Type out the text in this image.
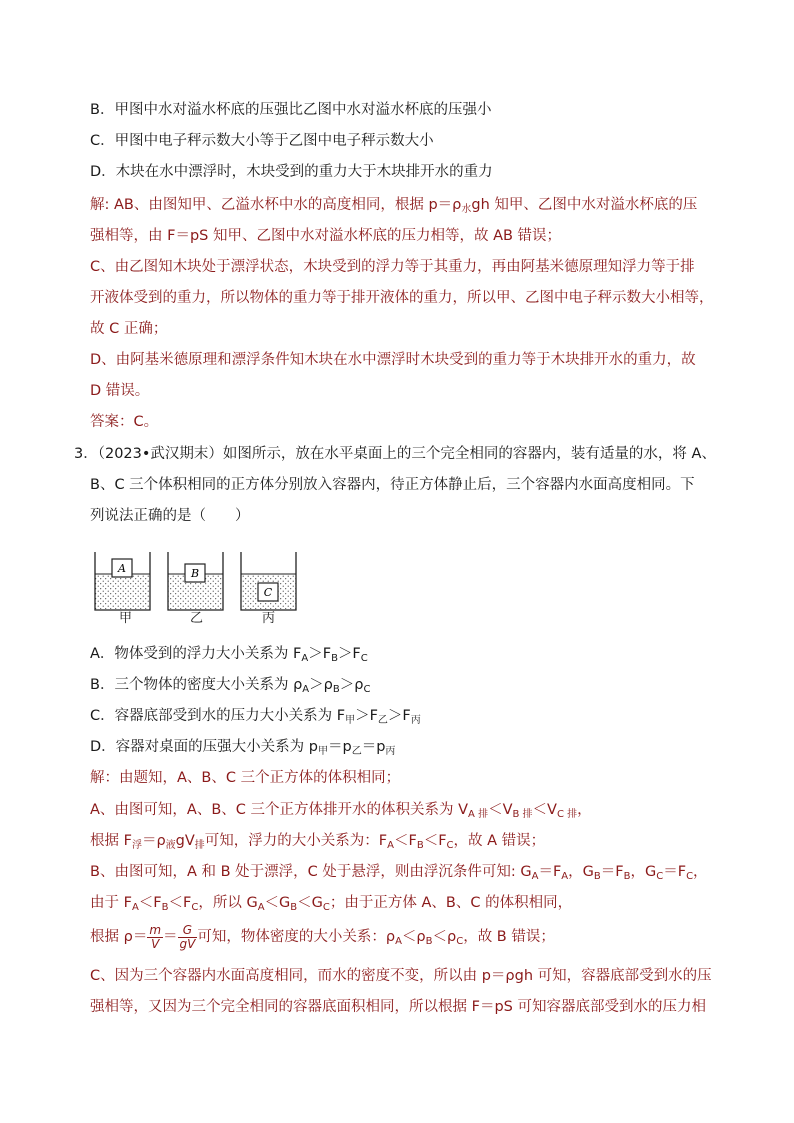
B．甲图中水对溢水杯底的压强比乙图中水对溢水杯底的压强小
C．甲图中电子秤示数大小等于乙图中电子秤示数大小
D．木块在水中漂浮时，木块受到的重力大于木块排开水的重力
解: AB、由图知甲、乙溢水杯中水的高度相同，根据 $p=\rho_水gh$ 知甲、乙图中水对溢水杯底的压
强相等，由 F＝pS 知甲、乙图中水对溢水杯底的压力相等，故 AB 错误；
C、由乙图知木块处于漂浮状态，木块受到的浮力等于其重力，再由阿基米德原理知浮力等于排
开液体受到的重力，所以物体的重力等于排开液体的重力，所以甲、乙图中电子秤示数大小相等，
故 C 正确；
D、由阿基米德原理和漂浮条件知木块在水中漂浮时木块受到的重力等于木块排开水的重力，故
D 错误。
答案：C。
3．（2023•武汉期末）如图所示，放在水平桌面上的三个完全相同的容器内，装有适量的水，将 A、
B、C 三个体积相同的正方体分别放入容器内，待正方体静止后，三个容器内水面高度相同。下
列说法正确的是（　　）
A	B
C
甲	乙	丙
A．物体受到的浮力大小关系为 $F_A>F_B>F_C$
B．三个物体的密度大小关系为 $\rho_A>\rho_B>\rho_C$
C．容器底部受到水的压力大小关系为 $F_甲>F_乙>F_丙$
D．容器对桌面的压强大小关系为 $p_甲=p_乙=p_丙$
解：由题知，A、B、C 三个正方体的体积相同；
A、由图可知，A、B、C 三个正方体排开水的体积关系为 $V_{A 排}<V_{B 排}<V_{C 排}$，
根据 $F_浮=\rho_液gV_排$可知，浮力的大小关系为：$F_A<F_B<F_C$，故 A 错误；
B、由图可知，A 和 B 处于漂浮，C 处于悬浮，则由浮沉条件可知: $G_A=F_A$，$G_B=F_B$，$G_C=F_C$，
由于 $F_A<F_B<F_C$，所以 $G_A<G_B<G_C$；由于正方体 A、B、C 的体积相同，
根据 $\rho= \frac{m}{V} = \frac{G}{gV}$ 可知，物体密度的大小关系：$\rho_A<\rho_B<\rho_C$，故 B 错误；
C、因为三个容器内水面高度相同，而水的密度不变，所以由 p＝ρgh 可知，容器底部受到水的压
强相等，又因为三个完全相同的容器底面积相同，所以根据 F＝pS 可知容器底部受到水的压力相
